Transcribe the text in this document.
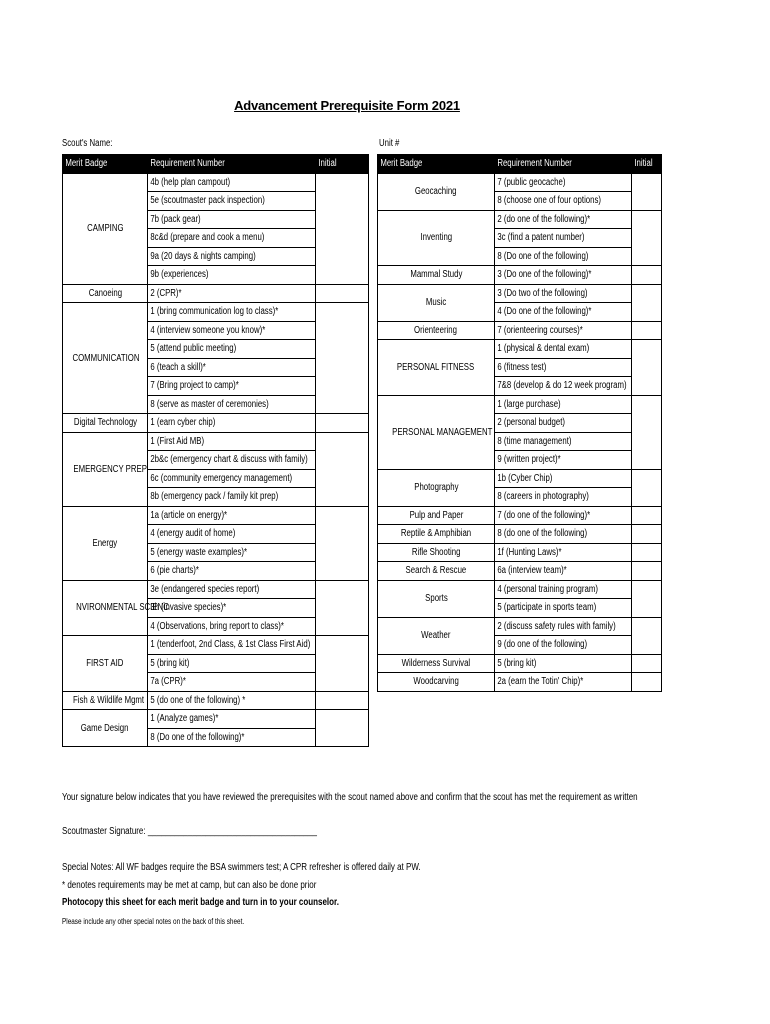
Advancement Prerequisite Form 2021
Scout's Name:	Unit #
Merit Badge	Requirement Number	Initial
CAMPING	4b (help plan campout)	
	5e (scoutmaster pack inspection)	
	7b (pack gear)	
	8c&d (prepare and cook a menu)	
	9a (20 days & nights camping)	
	9b (experiences)	
Canoeing	2 (CPR)*	
COMMUNICATION	1 (bring communication log to class)*	
	4 (interview someone you know)*	
	5 (attend public meeting)	
	6 (teach a skill)*	
	7 (Bring project to camp)*	
	8 (serve as master of ceremonies)	
Digital Technology	1 (earn cyber chip)	
EMERGENCY PREP	1 (First Aid MB)	
	2b&c (emergency chart & discuss with family)	
	6c (community emergency management)	
	8b (emergency pack / family kit prep)	
Energy	1a (article on energy)*	
	4 (energy audit of home)	
	5 (energy waste examples)*	
	6 (pie charts)*	
NVIRONMENTAL SCIENC	3e (endangered species report)	
	3h (invasive species)*	
	4 (Observations, bring report to class)*	
FIRST AID	1 (tenderfoot, 2nd Class, & 1st Class First Aid)	
	5 (bring kit)	
	7a (CPR)*	
Fish & Wildlife Mgmt	5 (do one of the following) *	
Game Design	1 (Analyze games)*	
	8 (Do one of the following)*	
Merit Badge	Requirement Number	Initial
Geocaching	7 (public geocache)	
	8 (choose one of four options)	
Inventing	2 (do one of the following)*	
	3c (find a patent number)	
	8 (Do one of the following)	
Mammal Study	3 (Do one of the following)*	
Music	3 (Do two of the following)	
	4 (Do one of the following)*	
Orienteering	7 (orienteering courses)*	
PERSONAL FITNESS	1 (physical & dental exam)	
	6 (fitness test)	
	7&8 (develop & do 12 week program)	
PERSONAL MANAGEMENT	1 (large purchase)	
	2 (personal budget)	
	8 (time management)	
	9 (written project)*	
Photography	1b (Cyber Chip)	
	8 (careers in photography)	
Pulp and Paper	7 (do one of the following)*	
Reptile & Amphibian	8 (do one of the following)	
Rifle Shooting	1f (Hunting Laws)*	
Search & Rescue	6a (interview team)*	
Sports	4 (personal training program)	
	5 (participate in sports team)	
Weather	2 (discuss safety rules with family)	
	9 (do one of the following)	
Wilderness Survival	5 (bring kit)	
Woodcarving	2a (earn the Totin' Chip)*	
Your signature below indicates that you have reviewed the prerequisites with the scout named above and confirm that the scout has met the requirement as written
Scoutmaster Signature: ______________________________________
Special Notes: All WF badges require the BSA swimmers test; A CPR refresher is offered daily at PW.
* denotes requirements may be met at camp, but can also be done prior
Photocopy this sheet for each merit badge and turn in to your counselor.
Please include any other special notes on the back of this sheet.
